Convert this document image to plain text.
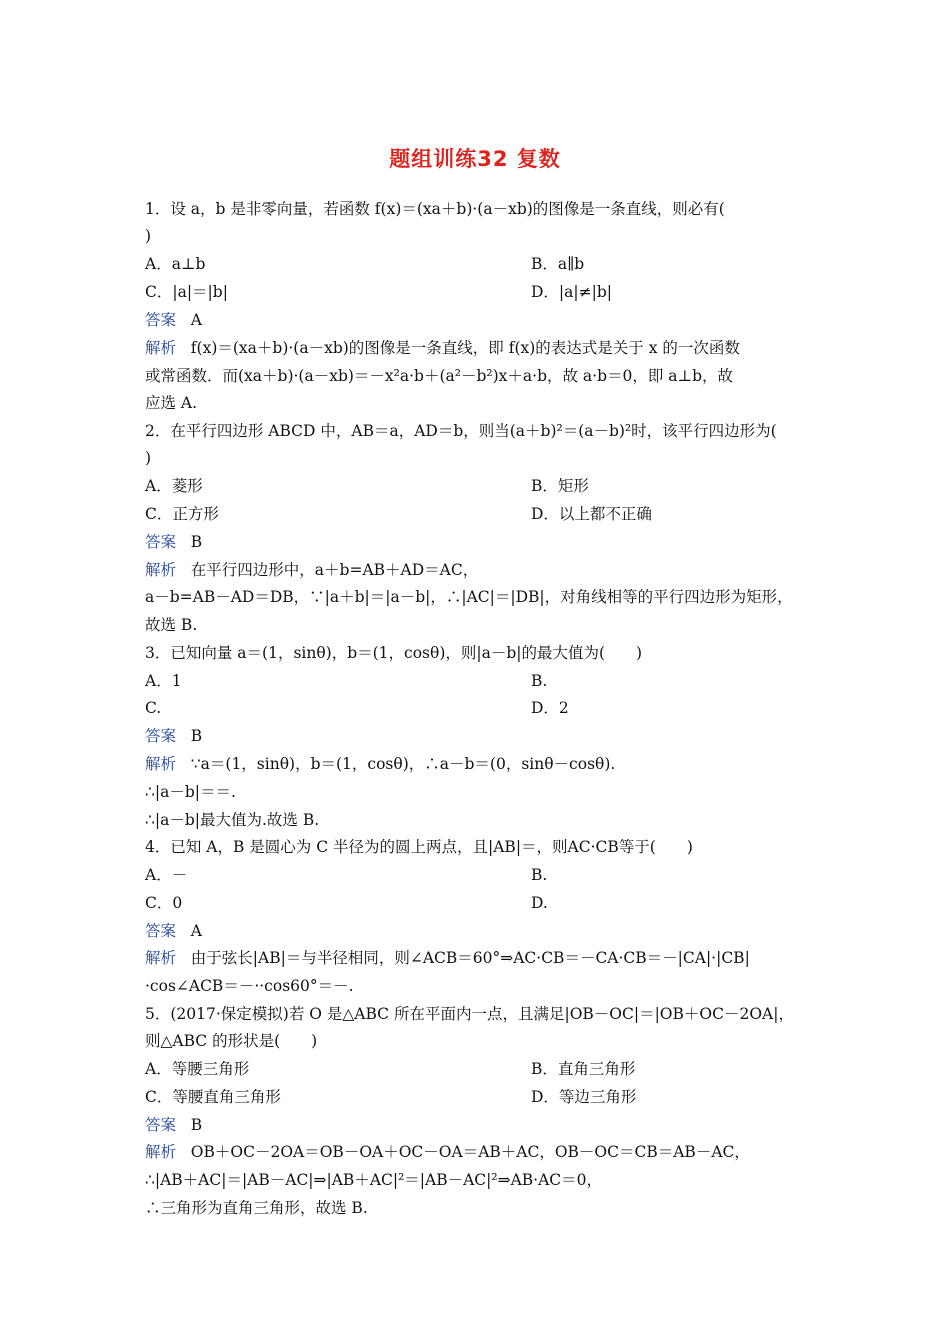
题组训练32 复数
1．设 a，b 是非零向量，若函数 f(x)＝(xa＋b)·(a－xb)的图像是一条直线，则必有(
)
A．a⊥b	B．a∥b
C．|a|＝|b|	D．|a|≠|b|
答案 A
解析 f(x)＝(xa＋b)·(a－xb)的图像是一条直线，即 f(x)的表达式是关于 x 的一次函数
或常函数．而(xa＋b)·(a－xb)＝－x²a·b＋(a²－b²)x＋a·b，故 a·b＝0，即 a⊥b，故
应选 A.
2．在平行四边形 ABCD 中，AB＝a，AD＝b，则当(a＋b)²＝(a－b)²时，该平行四边形为(
)
A．菱形	B．矩形
C．正方形	D．以上都不正确
答案 B
解析 在平行四边形中，a＋b=AB＋AD＝AC，
a－b=AB－AD＝DB，∵|a＋b|＝|a－b|，∴|AC|＝|DB|，对角线相等的平行四边形为矩形，
故选 B.
3．已知向量 a＝(1，sinθ)，b＝(1，cosθ)，则|a－b|的最大值为(　　)
A．1	B.
C.	D．2
答案 B
解析 ∵a＝(1，sinθ)，b＝(1，cosθ)，∴a－b＝(0，sinθ－cosθ).
∴|a－b|＝＝.
∴|a－b|最大值为.故选 B.
4．已知 A，B 是圆心为 C 半径为的圆上两点，且|AB|＝，则AC·CB等于(　　)
A．－	B.
C．0	D.
答案 A
解析 由于弦长|AB|＝与半径相同，则∠ACB＝60°⇒AC·CB＝－CA·CB＝－|CA|·|CB|
·cos∠ACB＝－··cos60°＝－.
5．(2017·保定模拟)若 O 是△ABC 所在平面内一点，且满足|OB－OC|＝|OB＋OC－2OA|，
则△ABC 的形状是(　　)
A．等腰三角形	B．直角三角形
C．等腰直角三角形	D．等边三角形
答案 B
解析 OB＋OC－2OA＝OB－OA＋OC－OA＝AB＋AC，OB－OC＝CB＝AB－AC，
∴|AB＋AC|＝|AB－AC|⇒|AB＋AC|²＝|AB－AC|²⇒AB·AC＝0，
∴三角形为直角三角形，故选 B.
